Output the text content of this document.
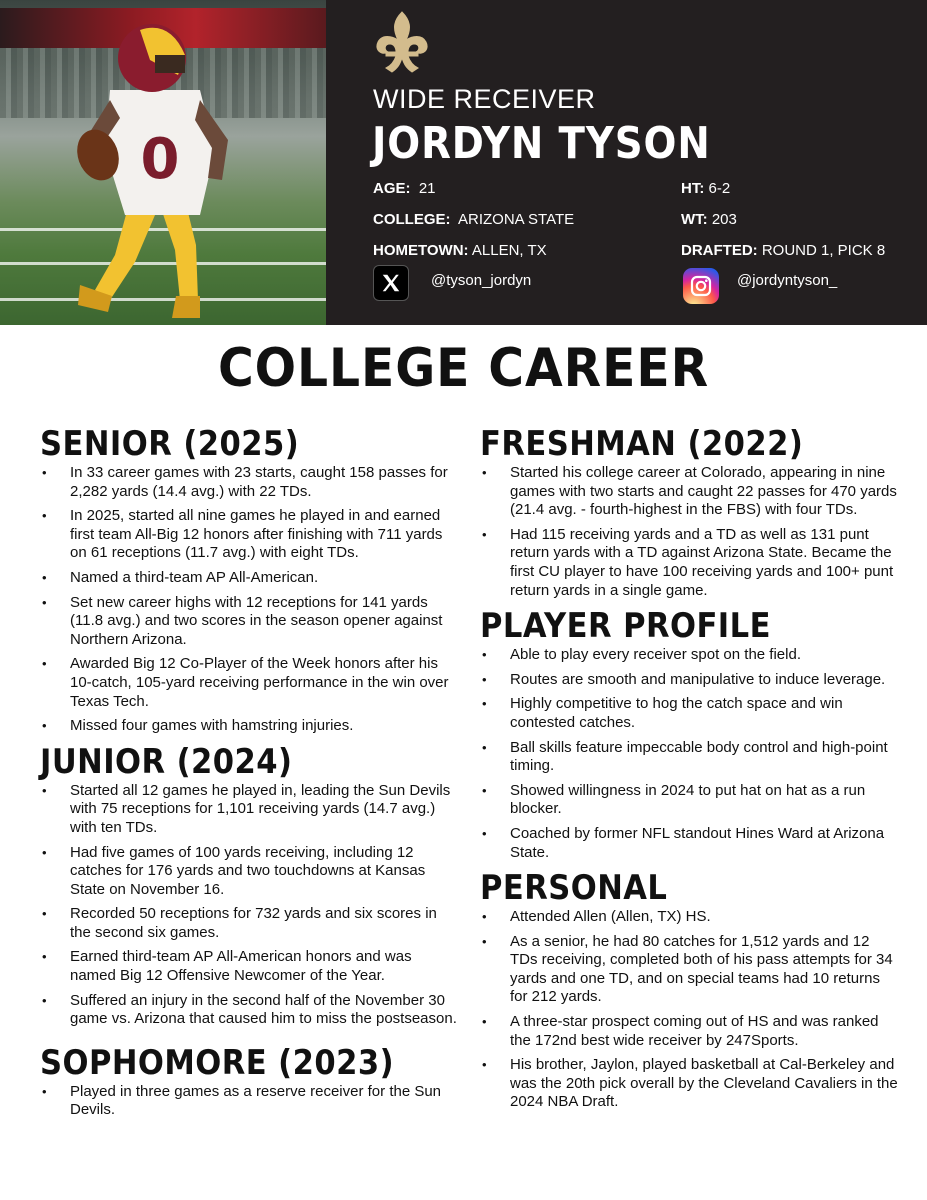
0
WIDE RECEIVER
JORDYN TYSON
AGE: 21
COLLEGE: ARIZONA STATE
HOMETOWN: ALLEN, TX
HT: 6-2
WT: 203
DRAFTED: ROUND 1, PICK 8
@tyson_jordyn	@jordyntyson_
COLLEGE CAREER
SENIOR (2025)
• In 33 career games with 23 starts, caught 158 passes for 2,282 yards (14.4 avg.) with 22 TDs.
• In 2025, started all nine games he played in and earned first team All-Big 12 honors after finishing with 711 yards on 61 receptions (11.7 avg.) with eight TDs.
• Named a third-team AP All-American.
• Set new career highs with 12 receptions for 141 yards (11.8 avg.) and two scores in the season opener against Northern Arizona.
• Awarded Big 12 Co-Player of the Week honors after his 10-catch, 105-yard receiving performance in the win over Texas Tech.
• Missed four games with hamstring injuries.
JUNIOR (2024)
• Started all 12 games he played in, leading the Sun Devils with 75 receptions for 1,101 receiving yards (14.7 avg.) with ten TDs.
• Had five games of 100 yards receiving, including 12 catches for 176 yards and two touchdowns at Kansas State on November 16.
• Recorded 50 receptions for 732 yards and six scores in the second six games.
• Earned third-team AP All-American honors and was named Big 12 Offensive Newcomer of the Year.
• Suffered an injury in the second half of the November 30 game vs. Arizona that caused him to miss the postseason.
SOPHOMORE (2023)
• Played in three games as a reserve receiver for the Sun Devils.
FRESHMAN (2022)
• Started his college career at Colorado, appearing in nine games with two starts and caught 22 passes for 470 yards (21.4 avg. - fourth-highest in the FBS) with four TDs.
• Had 115 receiving yards and a TD as well as 131 punt return yards with a TD against Arizona State. Became the first CU player to have 100 receiving yards and 100+ punt return yards in a single game.
PLAYER PROFILE
• Able to play every receiver spot on the field.
• Routes are smooth and manipulative to induce leverage.
• Highly competitive to hog the catch space and win contested catches.
• Ball skills feature impeccable body control and high-point timing.
• Showed willingness in 2024 to put hat on hat as a run blocker.
• Coached by former NFL standout Hines Ward at Arizona State.
PERSONAL
• Attended Allen (Allen, TX) HS.
• As a senior, he had 80 catches for 1,512 yards and 12 TDs receiving, completed both of his pass attempts for 34 yards and one TD, and on special teams had 10 returns for 212 yards.
• A three-star prospect coming out of HS and was ranked the 172nd best wide receiver by 247Sports.
• His brother, Jaylon, played basketball at Cal-Berkeley and was the 20th pick overall by the Cleveland Cavaliers in the 2024 NBA Draft.
